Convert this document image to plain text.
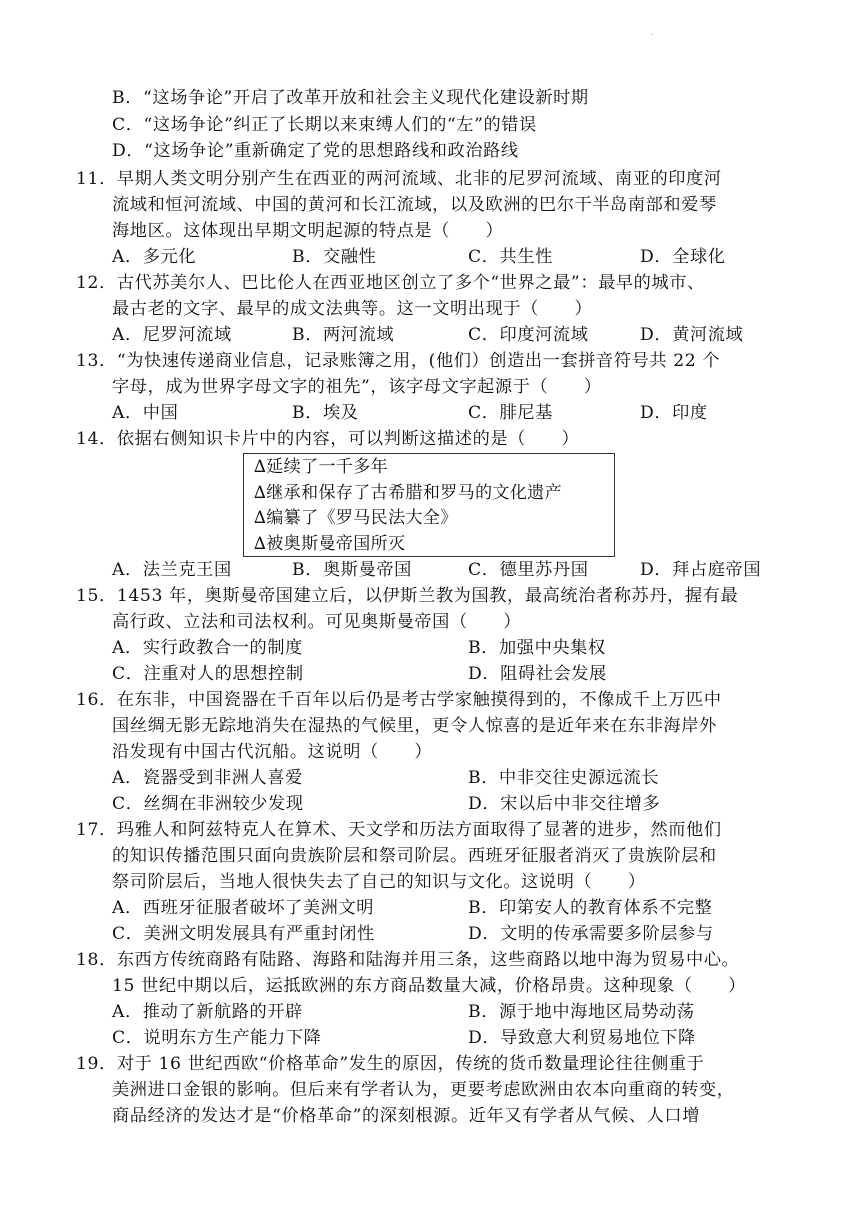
·
B．“这场争论”开启了改革开放和社会主义现代化建设新时期
C．“这场争论”纠正了长期以来束缚人们的“左”的错误
D．“这场争论”重新确定了党的思想路线和政治路线
11．早期人类文明分别产生在西亚的两河流域、北非的尼罗河流域、南亚的印度河
流域和恒河流域、中国的黄河和长江流域，以及欧洲的巴尔干半岛南部和爱琴
海地区。这体现出早期文明起源的特点是（　　）
A．多元化	B．交融性	C．共生性	D．全球化
12．古代苏美尔人、巴比伦人在西亚地区创立了多个“世界之最”：最早的城市、
最古老的文字、最早的成文法典等。这一文明出现于（　　）
A．尼罗河流域	B．两河流域	C．印度河流域	D．黄河流域
13．“为快速传递商业信息，记录账簿之用，(他们）创造出一套拼音符号共 22 个
字母，成为世界字母文字的祖先”，该字母文字起源于（　　）
A．中国	B．埃及	C．腓尼基	D．印度
14．依据右侧知识卡片中的内容，可以判断这描述的是（　　）
∆延续了一千多年
∆继承和保存了古希腊和罗马的文化遗产
∆编纂了《罗马民法大全》
∆被奥斯曼帝国所灭
A．法兰克王国	B．奥斯曼帝国	C．德里苏丹国	D．拜占庭帝国
15．1453 年，奥斯曼帝国建立后，以伊斯兰教为国教，最高统治者称苏丹，握有最
高行政、立法和司法权利。可见奥斯曼帝国（　　）
A．实行政教合一的制度	B．加强中央集权
C．注重对人的思想控制	D．阻碍社会发展
16．在东非，中国瓷器在千百年以后仍是考古学家触摸得到的，不像成千上万匹中
国丝绸无影无踪地消失在湿热的气候里，更令人惊喜的是近年来在东非海岸外
沿发现有中国古代沉船。这说明（　　）
A．瓷器受到非洲人喜爱	B．中非交往史源远流长
C．丝绸在非洲较少发现	D．宋以后中非交往增多
17．玛雅人和阿兹特克人在算术、天文学和历法方面取得了显著的进步，然而他们
的知识传播范围只面向贵族阶层和祭司阶层。西班牙征服者消灭了贵族阶层和
祭司阶层后，当地人很快失去了自己的知识与文化。这说明（　　）
A．西班牙征服者破坏了美洲文明	B．印第安人的教育体系不完整
C．美洲文明发展具有严重封闭性	D．文明的传承需要多阶层参与
18．东西方传统商路有陆路、海路和陆海并用三条，这些商路以地中海为贸易中心。
15 世纪中期以后，运抵欧洲的东方商品数量大减，价格昂贵。这种现象（　　）
A．推动了新航路的开辟	B．源于地中海地区局势动荡
C．说明东方生产能力下降	D．导致意大利贸易地位下降
19．对于 16 世纪西欧“价格革命”发生的原因，传统的货币数量理论往往侧重于
美洲进口金银的影响。但后来有学者认为，更要考虑欧洲由农本向重商的转变，
商品经济的发达才是“价格革命”的深刻根源。近年又有学者从气候、人口增
